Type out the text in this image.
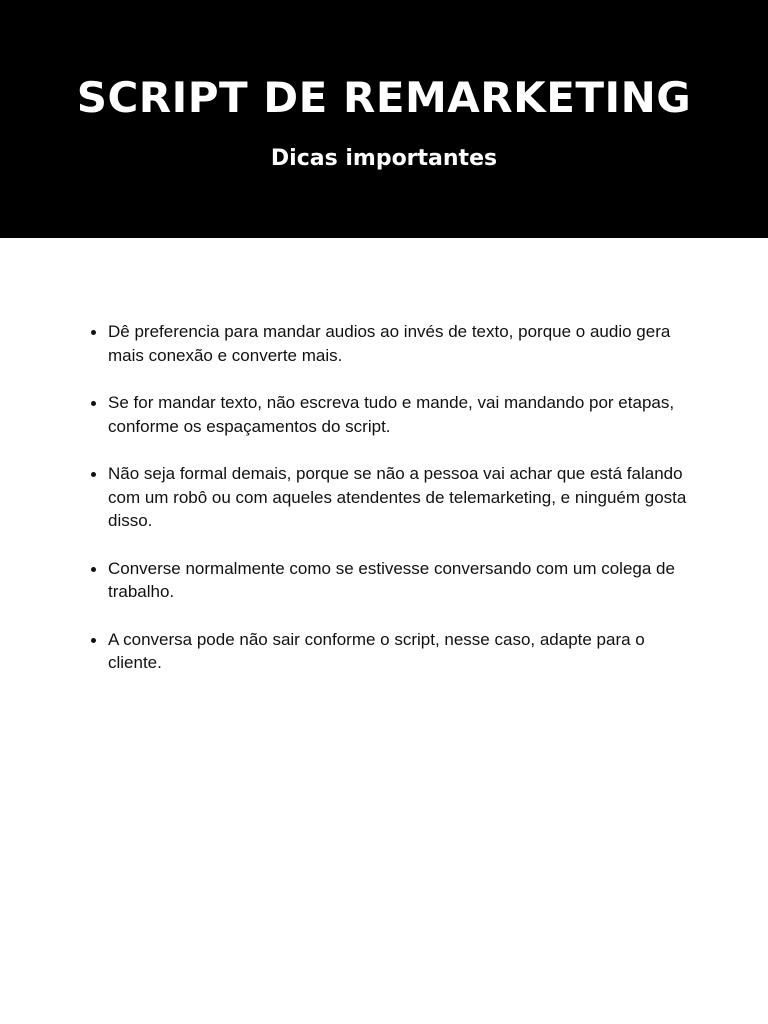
SCRIPT DE REMARKETING
Dicas importantes
Dê preferencia para mandar audios ao invés de texto, porque o audio gera mais conexão e converte mais.
Se for mandar texto, não escreva tudo e mande, vai mandando por etapas, conforme os espaçamentos do script.
Não seja formal demais, porque se não a pessoa vai achar que está falando com um robô ou com aqueles atendentes de telemarketing, e ninguém gosta disso.
Converse normalmente como se estivesse conversando com um colega de trabalho.
A conversa pode não sair conforme o script, nesse caso, adapte para o cliente.
